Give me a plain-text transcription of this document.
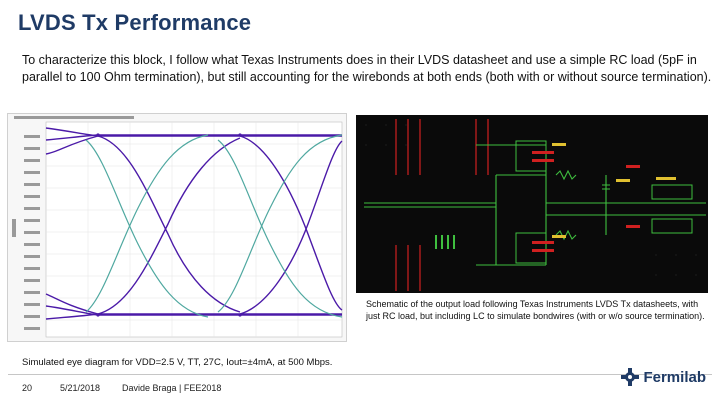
LVDS Tx Performance
To characterize this block, I follow what Texas Instruments does in their LVDS datasheet and use a simple RC load (5pF in parallel to 100 Ohm termination), but still accounting for the wirebonds at both ends (both with or without source termination).
Schematic of the output load following Texas Instruments LVDS Tx datasheets, with just RC load, but including LC to simulate bondwires (with or w/o source termination).
Simulated eye diagram for VDD=2.5 V, TT, 27C, Iout=±4mA, at 500 Mbps.
20	5/21/2018 Davide Braga | FEE2018
Fermilab
